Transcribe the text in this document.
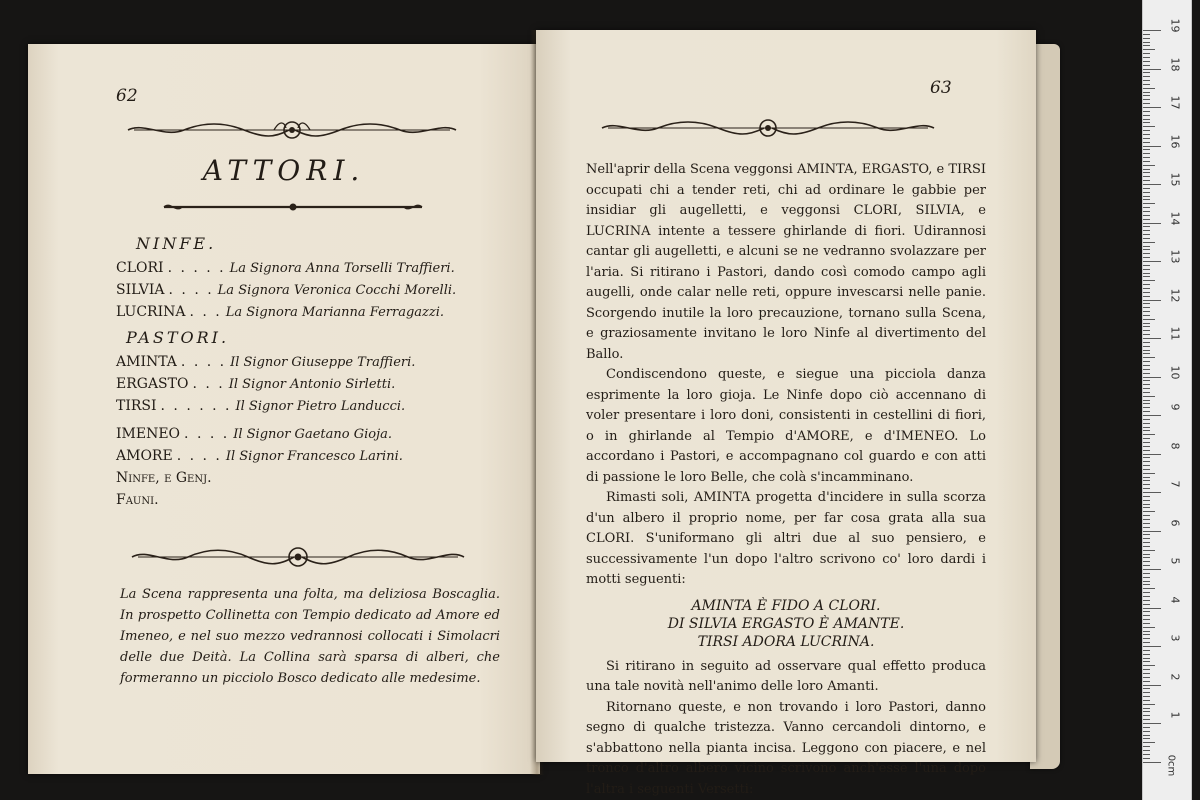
62
ATTORI.
NINFE.
CLORI . . . . . La Signora Anna Torselli Traffieri.
SILVIA . . . . La Signora Veronica Cocchi Morelli.
LUCRINA . . . La Signora Marianna Ferragazzi.
PASTORI.
AMINTA . . . . Il Signor Giuseppe Traffieri.
ERGASTO . . . Il Signor Antonio Sirletti.
TIRSI . . . . . . Il Signor Pietro Landucci.
IMENEO . . . . Il Signor Gaetano Gioja.
AMORE . . . . Il Signor Francesco Larini.
Ninfe, e Genj.
Fauni.
La Scena rappresenta una folta, ma deliziosa Boscaglia. In prospetto Collinetta con Tempio dedicato ad Amore ed Imeneo, e nel suo mezzo vedrannosi collocati i Simolacri delle due Deità. La Collina sarà sparsa di alberi, che formeranno un picciolo Bosco dedicato alle medesime.
63

Nell'aprir della Scena veggonsi AMINTA, ERGASTO, e TIRSI occupati chi a tender reti, chi ad ordinare le gabbie per insidiar gli augelletti, e veggonsi CLORI, SILVIA, e LUCRINA intente a tessere ghirlande di fiori. Udirannosi cantar gli augelletti, e alcuni se ne vedranno svolazzare per l'aria. Si ritirano i Pastori, dando così comodo campo agli augelli, onde calar nelle reti, oppure invescarsi nelle panie. Scorgendo inutile la loro precauzione, tornano sulla Scena, e graziosamente invitano le loro Ninfe al divertimento del Ballo.

Condiscendono queste, e siegue una picciola danza esprimente la loro gioja. Le Ninfe dopo ciò accennano di voler presentare i loro doni, consistenti in cestellini di fiori, o in ghirlande al Tempio d'AMORE, e d'IMENEO. Lo accordano i Pastori, e accompagnano col guardo e con atti di passione le loro Belle, che colà s'incamminano.

Rimasti soli, AMINTA progetta d'incidere in sulla scorza d'un albero il proprio nome, per far cosa grata alla sua CLORI. S'uniformano gli altri due al suo pensiero, e successivamente l'un dopo l'altro scrivono co' loro dardi i motti seguenti:

AMINTA È FIDO A CLORI.
DI SILVIA ERGASTO È AMANTE.
TIRSI ADORA LUCRINA.

Si ritirano in seguito ad osservare qual effetto produca una tale novità nell'animo delle loro Amanti.

Ritornano queste, e non trovando i loro Pastori, danno segno di qualche tristezza. Vanno cercandoli dintorno, e s'abbattono nella pianta incisa. Leggono con piacere, e nel tronco d'altro albero vicino scrivono anch'esse l'una dopo l'altra i seguenti Versetti:

19
18
17
16
15
14
13
12
11
10
9
8
7
6
5
4
3
2
1
0cm
